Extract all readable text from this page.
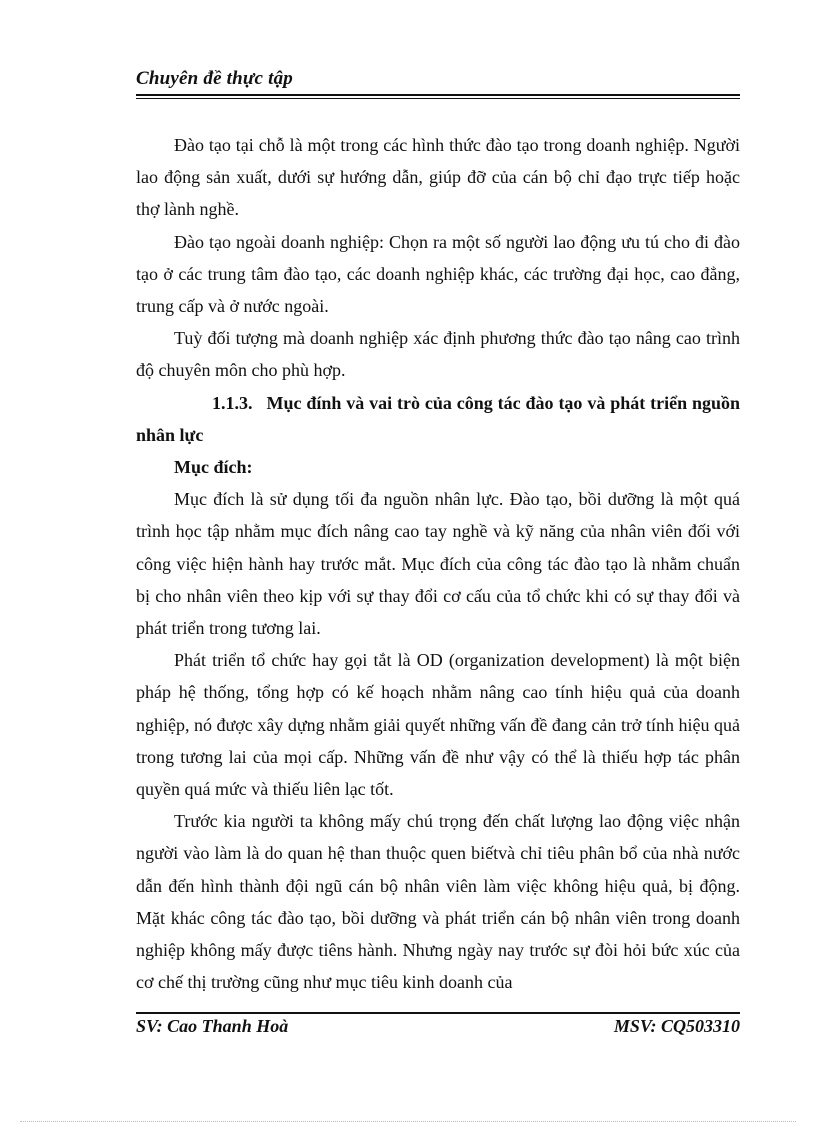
Chuyên đề thực tập

Đào tạo tại chỗ là một trong các hình thức đào tạo trong doanh nghiệp. Người lao động sản xuất, dưới sự hướng dẫn, giúp đỡ của cán bộ chỉ đạo trực tiếp hoặc thợ lành nghề.

Đào tạo ngoài doanh nghiệp: Chọn ra một số người lao động ưu tú cho đi đào tạo ở các trung tâm đào tạo, các doanh nghiệp khác, các trường đại học, cao đẳng, trung cấp và ở nước ngoài.

Tuỳ đối tượng mà doanh nghiệp xác định phương thức đào tạo nâng cao trình độ chuyên môn cho phù hợp.

1.1.3. Mục đính và vai trò của công tác đào tạo và phát triển nguồn nhân lực

Mục đích:

Mục đích là sử dụng tối đa nguồn nhân lực. Đào tạo, bồi dưỡng là một quá trình học tập nhằm mục đích nâng cao tay nghề và kỹ năng của nhân viên đối với công việc hiện hành hay trước mắt. Mục đích của công tác đào tạo là nhằm chuẩn bị cho nhân viên theo kịp với sự thay đổi cơ cấu của tổ chức khi có sự thay đổi và phát triển trong tương lai.

Phát triển tổ chức hay gọi tắt là OD (organization development) là một biện pháp hệ thống, tổng hợp có kế hoạch nhằm nâng cao tính hiệu quả của doanh nghiệp, nó được xây dựng nhằm giải quyết những vấn đề đang cản trở tính hiệu quả trong tương lai của mọi cấp. Những vấn đề như vậy có thể là thiếu hợp tác phân quyền quá mức và thiếu liên lạc tốt.

Trước kia người ta không mấy chú trọng đến chất lượng lao động việc nhận người vào làm là do quan hệ than thuộc quen biếtvà chỉ tiêu phân bổ của nhà nước dẫn đến hình thành đội ngũ cán bộ nhân viên làm việc không hiệu quả, bị động. Mặt khác công tác đào tạo, bồi dưỡng và phát triển cán bộ nhân viên trong doanh nghiệp không mấy được tiêns hành. Nhưng ngày nay trước sự đòi hỏi bức xúc của cơ chế thị trường cũng như mục tiêu kinh doanh của

SV: Cao Thanh Hoà	MSV: CQ503310
